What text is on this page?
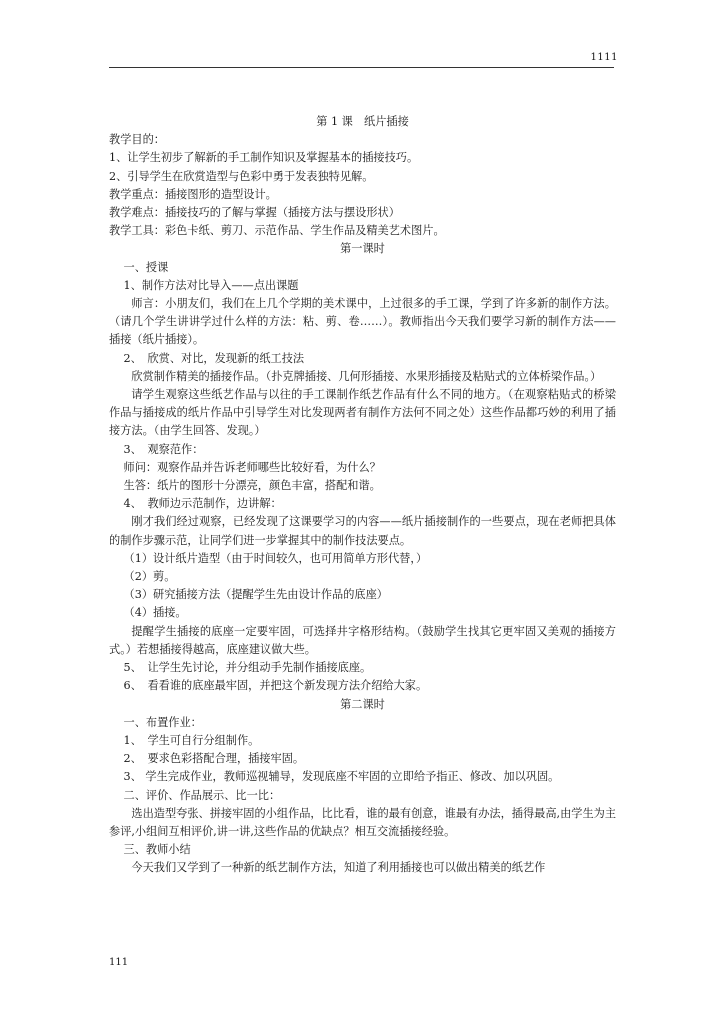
1111

第 1 课　纸片插接

教学目的：

1、让学生初步了解新的手工制作知识及掌握基本的插接技巧。

2、引导学生在欣赏造型与色彩中勇于发表独特见解。

教学重点：插接图形的造型设计。

教学难点：插接技巧的了解与掌握（插接方法与摆设形状）

教学工具：彩色卡纸、剪刀、示范作品、学生作品及精美艺术图片。

第一课时

一、授课

1、制作方法对比导入——点出课题

师言：小朋友们，我们在上几个学期的美术课中，上过很多的手工课，学到了许多新的制作方法。（请几个学生讲讲学过什么样的方法：粘、剪、卷……）。教师指出今天我们要学习新的制作方法——插接（纸片插接）。

2、　欣赏、对比，发现新的纸工技法

欣赏制作精美的插接作品。（扑克牌插接、几何形插接、水果形插接及粘贴式的立体桥梁作品。）

请学生观察这些纸艺作品与以往的手工课制作纸艺作品有什么不同的地方。（在观察粘贴式的桥梁作品与插接成的纸片作品中引导学生对比发现两者有制作方法何不同之处）这些作品都巧妙的利用了插接方法。（由学生回答、发现。）

3、　观察范作：

师问：观察作品并告诉老师哪些比较好看，为什么？

生答：纸片的图形十分漂亮，颜色丰富，搭配和谐。

4、　教师边示范制作，边讲解：

刚才我们经过观察，已经发现了这课要学习的内容——纸片插接制作的一些要点，现在老师把具体的制作步骤示范，让同学们进一步掌握其中的制作技法要点。

（1）设计纸片造型（由于时间较久，也可用简单方形代替，）

（2）剪。

（3）研究插接方法（提醒学生先由设计作品的底座）

（4）插接。

提醒学生插接的底座一定要牢固，可选择井字格形结构。（鼓励学生找其它更牢固又美观的插接方式。）若想插接得越高，底座建议做大些。

5、　让学生先讨论，并分组动手先制作插接底座。

6、　看看谁的底座最牢固，并把这个新发现方法介绍给大家。

第二课时

一、布置作业：

1、　学生可自行分组制作。

2、　要求色彩搭配合理，插接牢固。

3、 学生完成作业，教师巡视辅导，发现底座不牢固的立即给予指正、修改、加以巩固。

二、评价、作品展示、比一比：

选出造型夸张、拼接牢固的小组作品，比比看，谁的最有创意，谁最有办法，插得最高,由学生为主参评,小组间互相评价,讲一讲,这些作品的优缺点？相互交流插接经验。

三、教师小结

今天我们又学到了一种新的纸艺制作方法，知道了利用插接也可以做出精美的纸艺作

111
